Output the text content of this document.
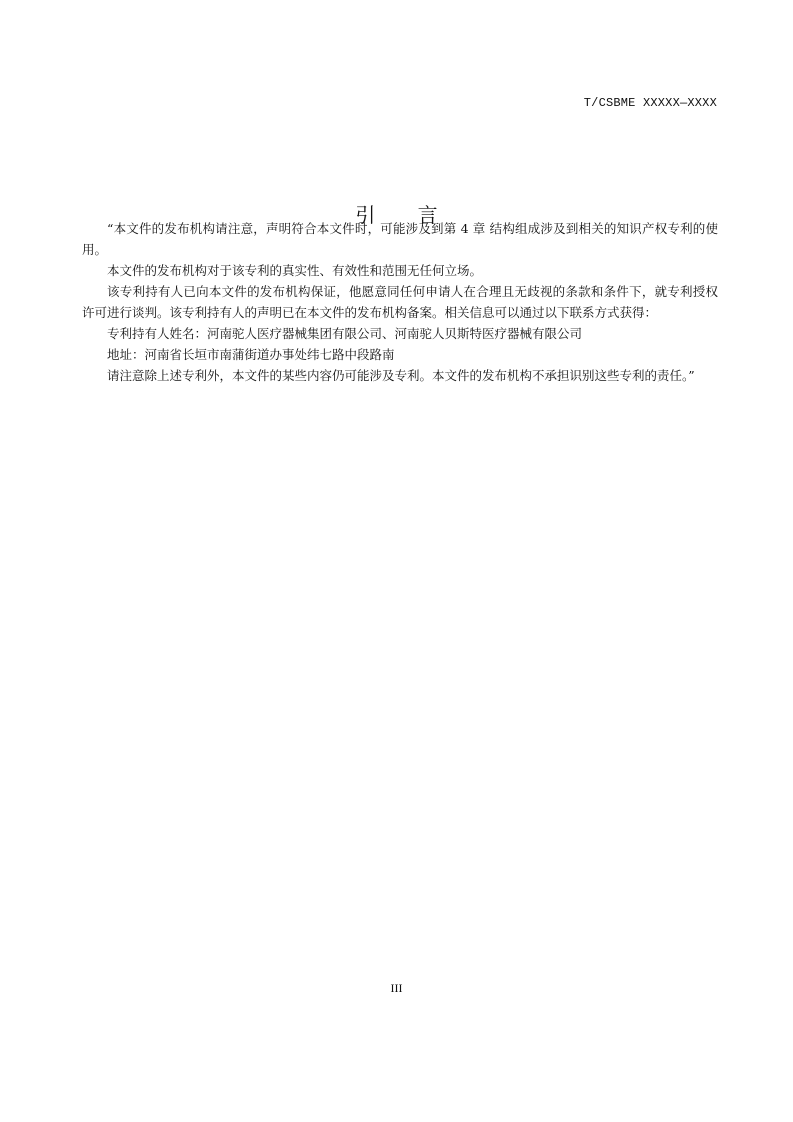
T/CSBME XXXXX—XXXX
引 言

“本文件的发布机构请注意，声明符合本文件时，可能涉及到第 4 章 结构组成涉及到相关的知识产权专利的使用。

本文件的发布机构对于该专利的真实性、有效性和范围无任何立场。

该专利持有人已向本文件的发布机构保证，他愿意同任何申请人在合理且无歧视的条款和条件下，就专利授权许可进行谈判。该专利持有人的声明已在本文件的发布机构备案。相关信息可以通过以下联系方式获得：

专利持有人姓名：河南驼人医疗器械集团有限公司、河南驼人贝斯特医疗器械有限公司

地址：河南省长垣市南蒲街道办事处纬七路中段路南

请注意除上述专利外，本文件的某些内容仍可能涉及专利。本文件的发布机构不承担识别这些专利的责任。”

III
